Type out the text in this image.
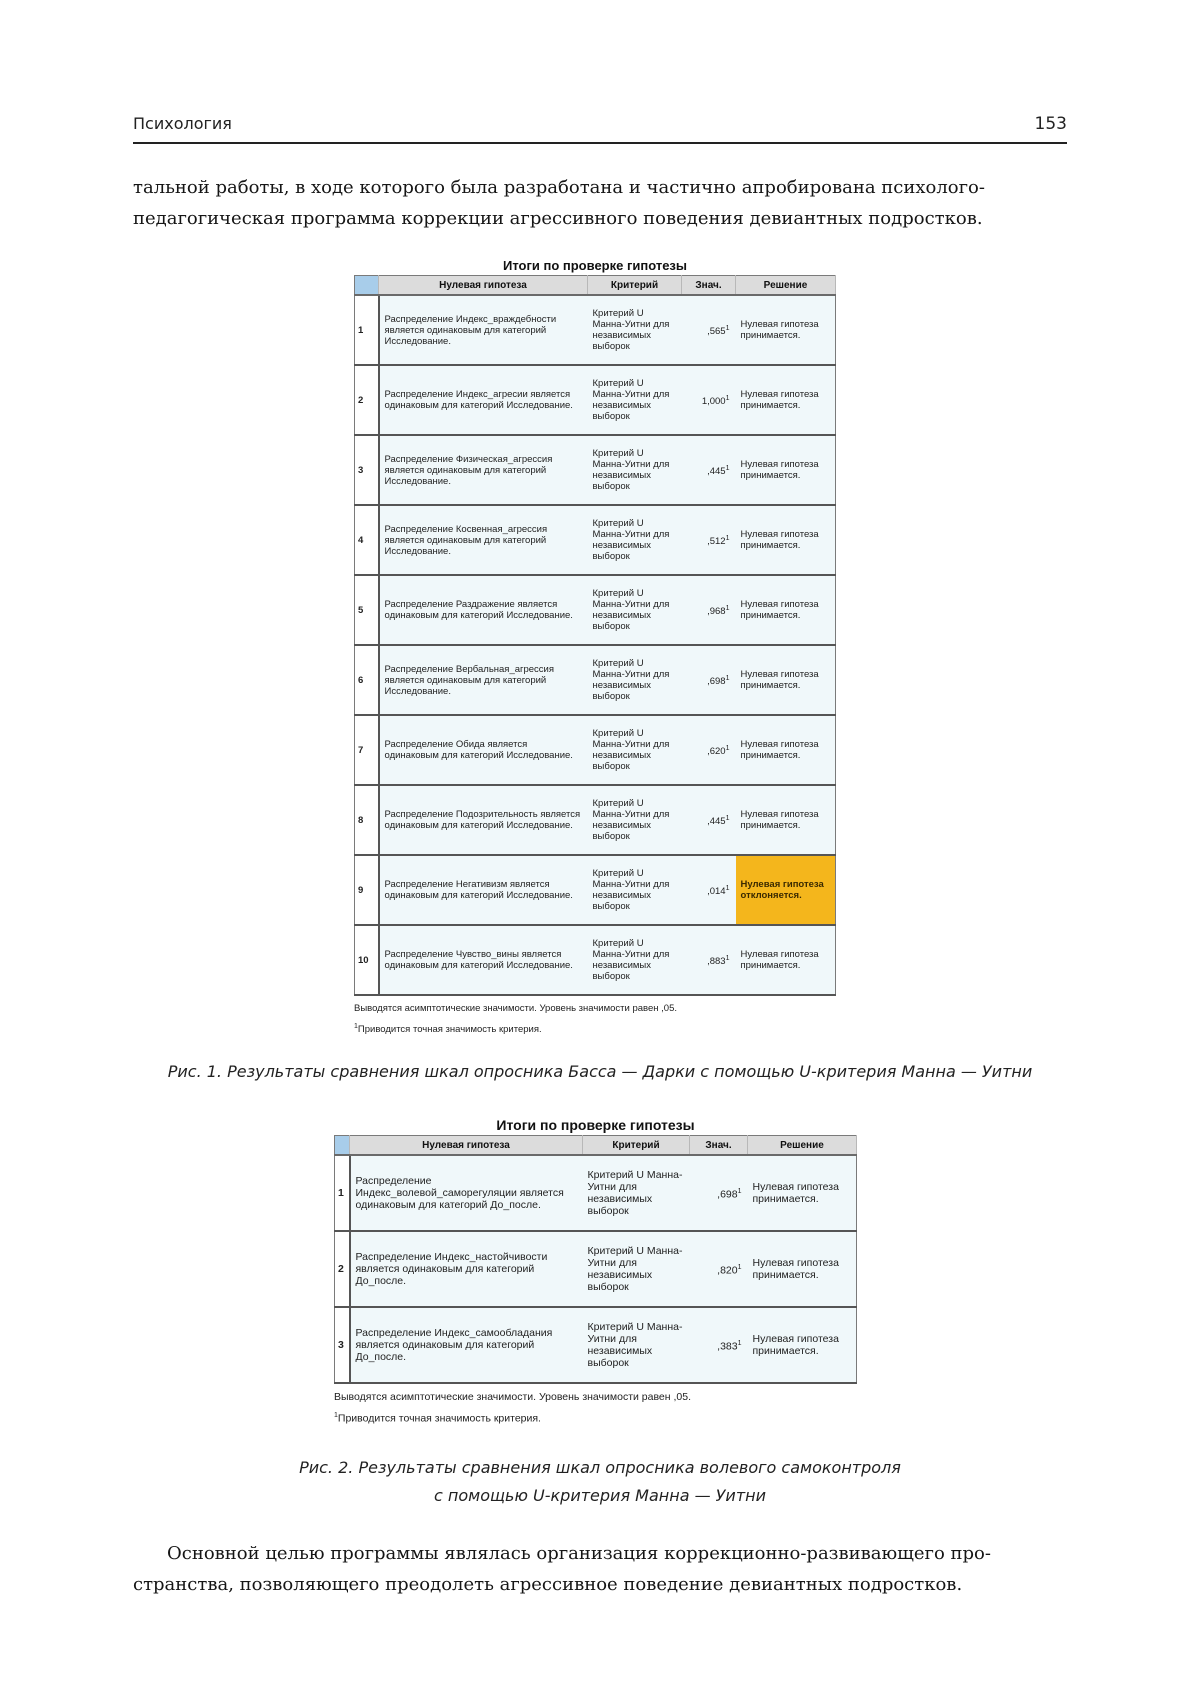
Психология	153

тальной работы, в ходе которого была разработана и частично апробирована психолого-
педагогическая программа коррекции агрессивного поведения девиантных подростков.

Итоги по проверке гипотезы
	Нулевая гипотеза	Критерий	Знач.	Решение
1	Распределение Индекс_враждебности является одинаковым для категорий Исследование.	Критерий U Манна-Уитни для независимых выборок	,565$^1$	Нулевая гипотеза принимается.
2	Распределение Индекс_агресии является одинаковым для категорий Исследование.	Критерий U Манна-Уитни для независимых выборок	1,000$^1$	Нулевая гипотеза принимается.
3	Распределение Физическая_агрессия является одинаковым для категорий Исследование.	Критерий U Манна-Уитни для независимых выборок	,445$^1$	Нулевая гипотеза принимается.
4	Распределение Косвенная_агрессия является одинаковым для категорий Исследование.	Критерий U Манна-Уитни для независимых выборок	,512$^1$	Нулевая гипотеза принимается.
5	Распределение Раздражение является одинаковым для категорий Исследование.	Критерий U Манна-Уитни для независимых выборок	,968$^1$	Нулевая гипотеза принимается.
6	Распределение Вербальная_агрессия является одинаковым для категорий Исследование.	Критерий U Манна-Уитни для независимых выборок	,698$^1$	Нулевая гипотеза принимается.
7	Распределение Обида является одинаковым для категорий Исследование.	Критерий U Манна-Уитни для независимых выборок	,620$^1$	Нулевая гипотеза принимается.
8	Распределение Подозрительность является одинаковым для категорий Исследование.	Критерий U Манна-Уитни для независимых выборок	,445$^1$	Нулевая гипотеза принимается.
9	Распределение Негативизм является одинаковым для категорий Исследование.	Критерий U Манна-Уитни для независимых выборок	,014$^1$	Нулевая гипотеза отклоняется.
10	Распределение Чувство_вины является одинаковым для категорий Исследование.	Критерий U Манна-Уитни для независимых выборок	,883$^1$	Нулевая гипотеза принимается.

Выводятся асимптотические значимости. Уровень значимости равен ,05.

$^1$Приводится точная значимость критерия.

Рис. 1. Результаты сравнения шкал опросника Басса — Дарки с помощью U-критерия Манна — Уитни
Итоги по проверке гипотезы
	Нулевая гипотеза	Критерий	Знач.	Решение
1	Распределение Индекс_волевой_саморегуляции является одинаковым для категорий До_после.	Критерий U Манна-Уитни для независимых выборок	,698$^1$	Нулевая гипотеза принимается.
2	Распределение Индекс_настойчивости является одинаковым для категорий До_после.	Критерий U Манна-Уитни для независимых выборок	,820$^1$	Нулевая гипотеза принимается.
3	Распределение Индекс_самообладания является одинаковым для категорий До_после.	Критерий U Манна-Уитни для независимых выборок	,383$^1$	Нулевая гипотеза принимается.

Выводятся асимптотические значимости. Уровень значимости равен ,05.

$^1$Приводится точная значимость критерия.

Рис. 2. Результаты сравнения шкал опросника волевого самоконтроля
с помощью U-критерия Манна — Уитни

Основной целью программы являлась организация коррекционно-развивающего про-
странства, позволяющего преодолеть агрессивное поведение девиантных подростков.
